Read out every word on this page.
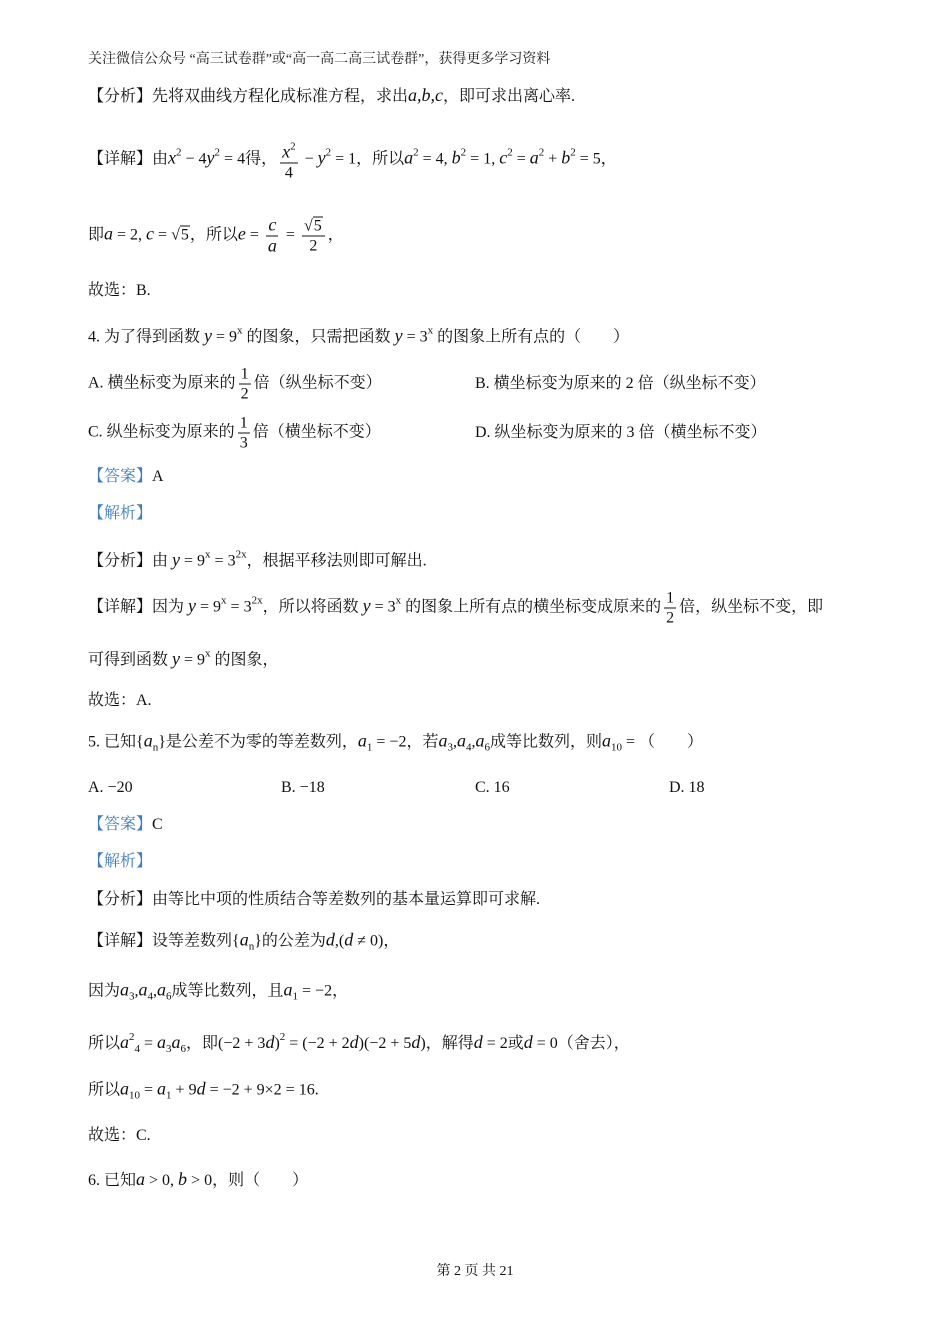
关注微信公众号 “高三试卷群”或“高一高二高三试卷群”，获得更多学习资料
【分析】先将双曲线方程化成标准方程，求出a,b,c，即可求出离心率.
【详解】由$x^2 - 4y^2 = 4$得， $\frac{x^2}{4} - y^2 = 1$，所以$a^2 = 4$, $b^2 = 1$, $c^2 = a^2 + b^2 = 5$，
即a = 2, c = √5，所以$e = \frac{c}{a} = \frac{√5}{2}$ ，
故选：B.
4. 为了得到函数 $y = 9^x$ 的图象，只需把函数 $y = 3^x$ 的图象上所有点的（　　）
A. 横坐标变为原来的 $\frac{1}{2}$ 倍（纵坐标不变）	B. 横坐标变为原来的 2 倍（纵坐标不变）
C. 纵坐标变为原来的 $\frac{1}{3}$ 倍（横坐标不变）	D. 纵坐标变为原来的 3 倍（横坐标不变）
【答案】A
【解析】
【分析】由 $y = 9^x = 3^{2x}$，根据平移法则即可解出.
【详解】因为 $y = 9^x = 3^{2x}$，所以将函数 $y = 3^x$ 的图象上所有点的横坐标变成原来的 $\frac{1}{2}$ 倍，纵坐标不变，即
可得到函数 $y = 9^x$ 的图象，
故选：A.
5. 已知$\{a_n\}$是公差不为零的等差数列，$a_1 = -2$，若$a_3,a_4,a_6$成等比数列，则$a_{10}$ = （　　）
A. −20	B. −18	C. 16	D. 18
【答案】C
【解析】
【分析】由等比中项的性质结合等差数列的基本量运算即可求解.
【详解】设等差数列$\{a_n\}$的公差为d,(d ≠ 0)，
因为$a_3,a_4,a_6$成等比数列，且$a_1 = -2$，
所以$a^2_4 = a_3a_6$，即$(-2 + 3d)^2 = (-2 + 2d)(-2 + 5d)$，解得d = 2或d = 0（舍去），
所以$a_{10} = a_1 + 9d = -2 + 9\times 2 = 16$.
故选：C.
6. 已知a > 0, b > 0，则（　　）
第 2 页 共 21
